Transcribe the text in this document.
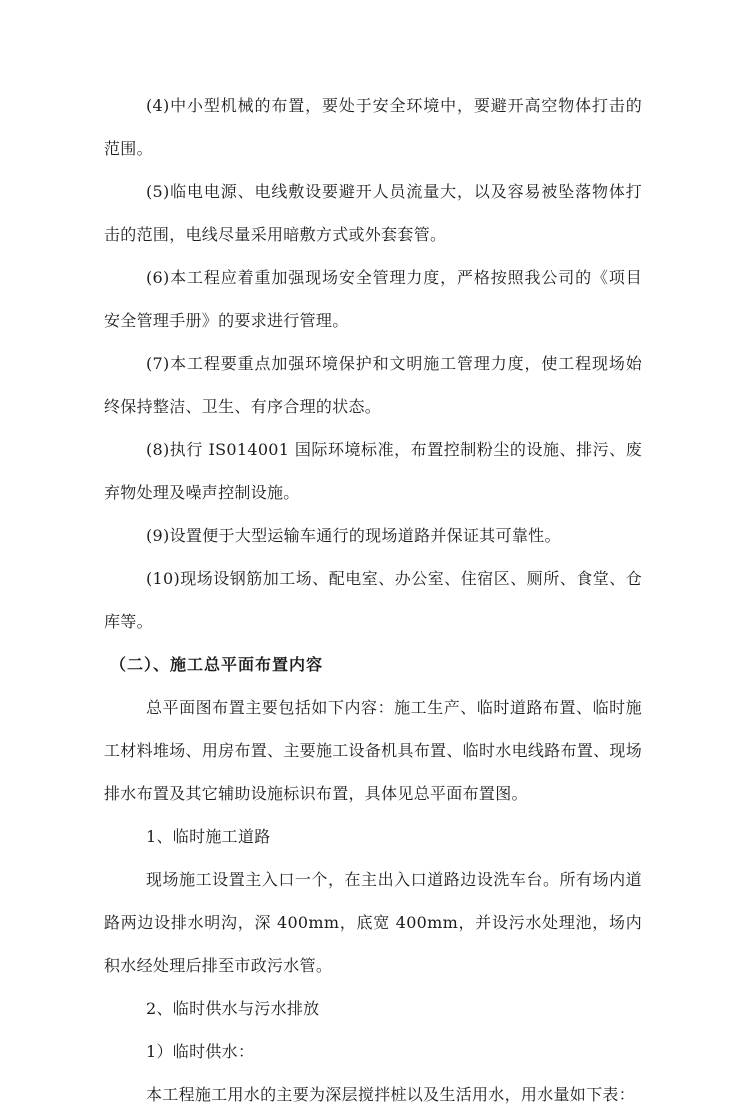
(4)中小型机械的布置，要处于安全环境中，要避开高空物体打击的范围。

(5)临电电源、电线敷设要避开人员流量大，以及容易被坠落物体打击的范围，电线尽量采用暗敷方式或外套套管。

(6)本工程应着重加强现场安全管理力度，严格按照我公司的《项目安全管理手册》的要求进行管理。

(7)本工程要重点加强环境保护和文明施工管理力度，使工程现场始终保持整洁、卫生、有序合理的状态。

(8)执行 IS014001 国际环境标准，布置控制粉尘的设施、排污、废弃物处理及噪声控制设施。

(9)设置便于大型运输车通行的现场道路并保证其可靠性。

(10)现场设钢筋加工场、配电室、办公室、住宿区、厕所、食堂、仓库等。

（二）、施工总平面布置内容

总平面图布置主要包括如下内容：施工生产、临时道路布置、临时施工材料堆场、用房布置、主要施工设备机具布置、临时水电线路布置、现场排水布置及其它辅助设施标识布置，具体见总平面布置图。

1、临时施工道路

现场施工设置主入口一个，在主出入口道路边设洗车台。所有场内道路两边设排水明沟，深 400mm，底宽 400mm，并设污水处理池，场内积水经处理后排至市政污水管。

2、临时供水与污水排放

1）临时供水：

本工程施工用水的主要为深层搅拌桩以及生活用水，用水量如下表：
